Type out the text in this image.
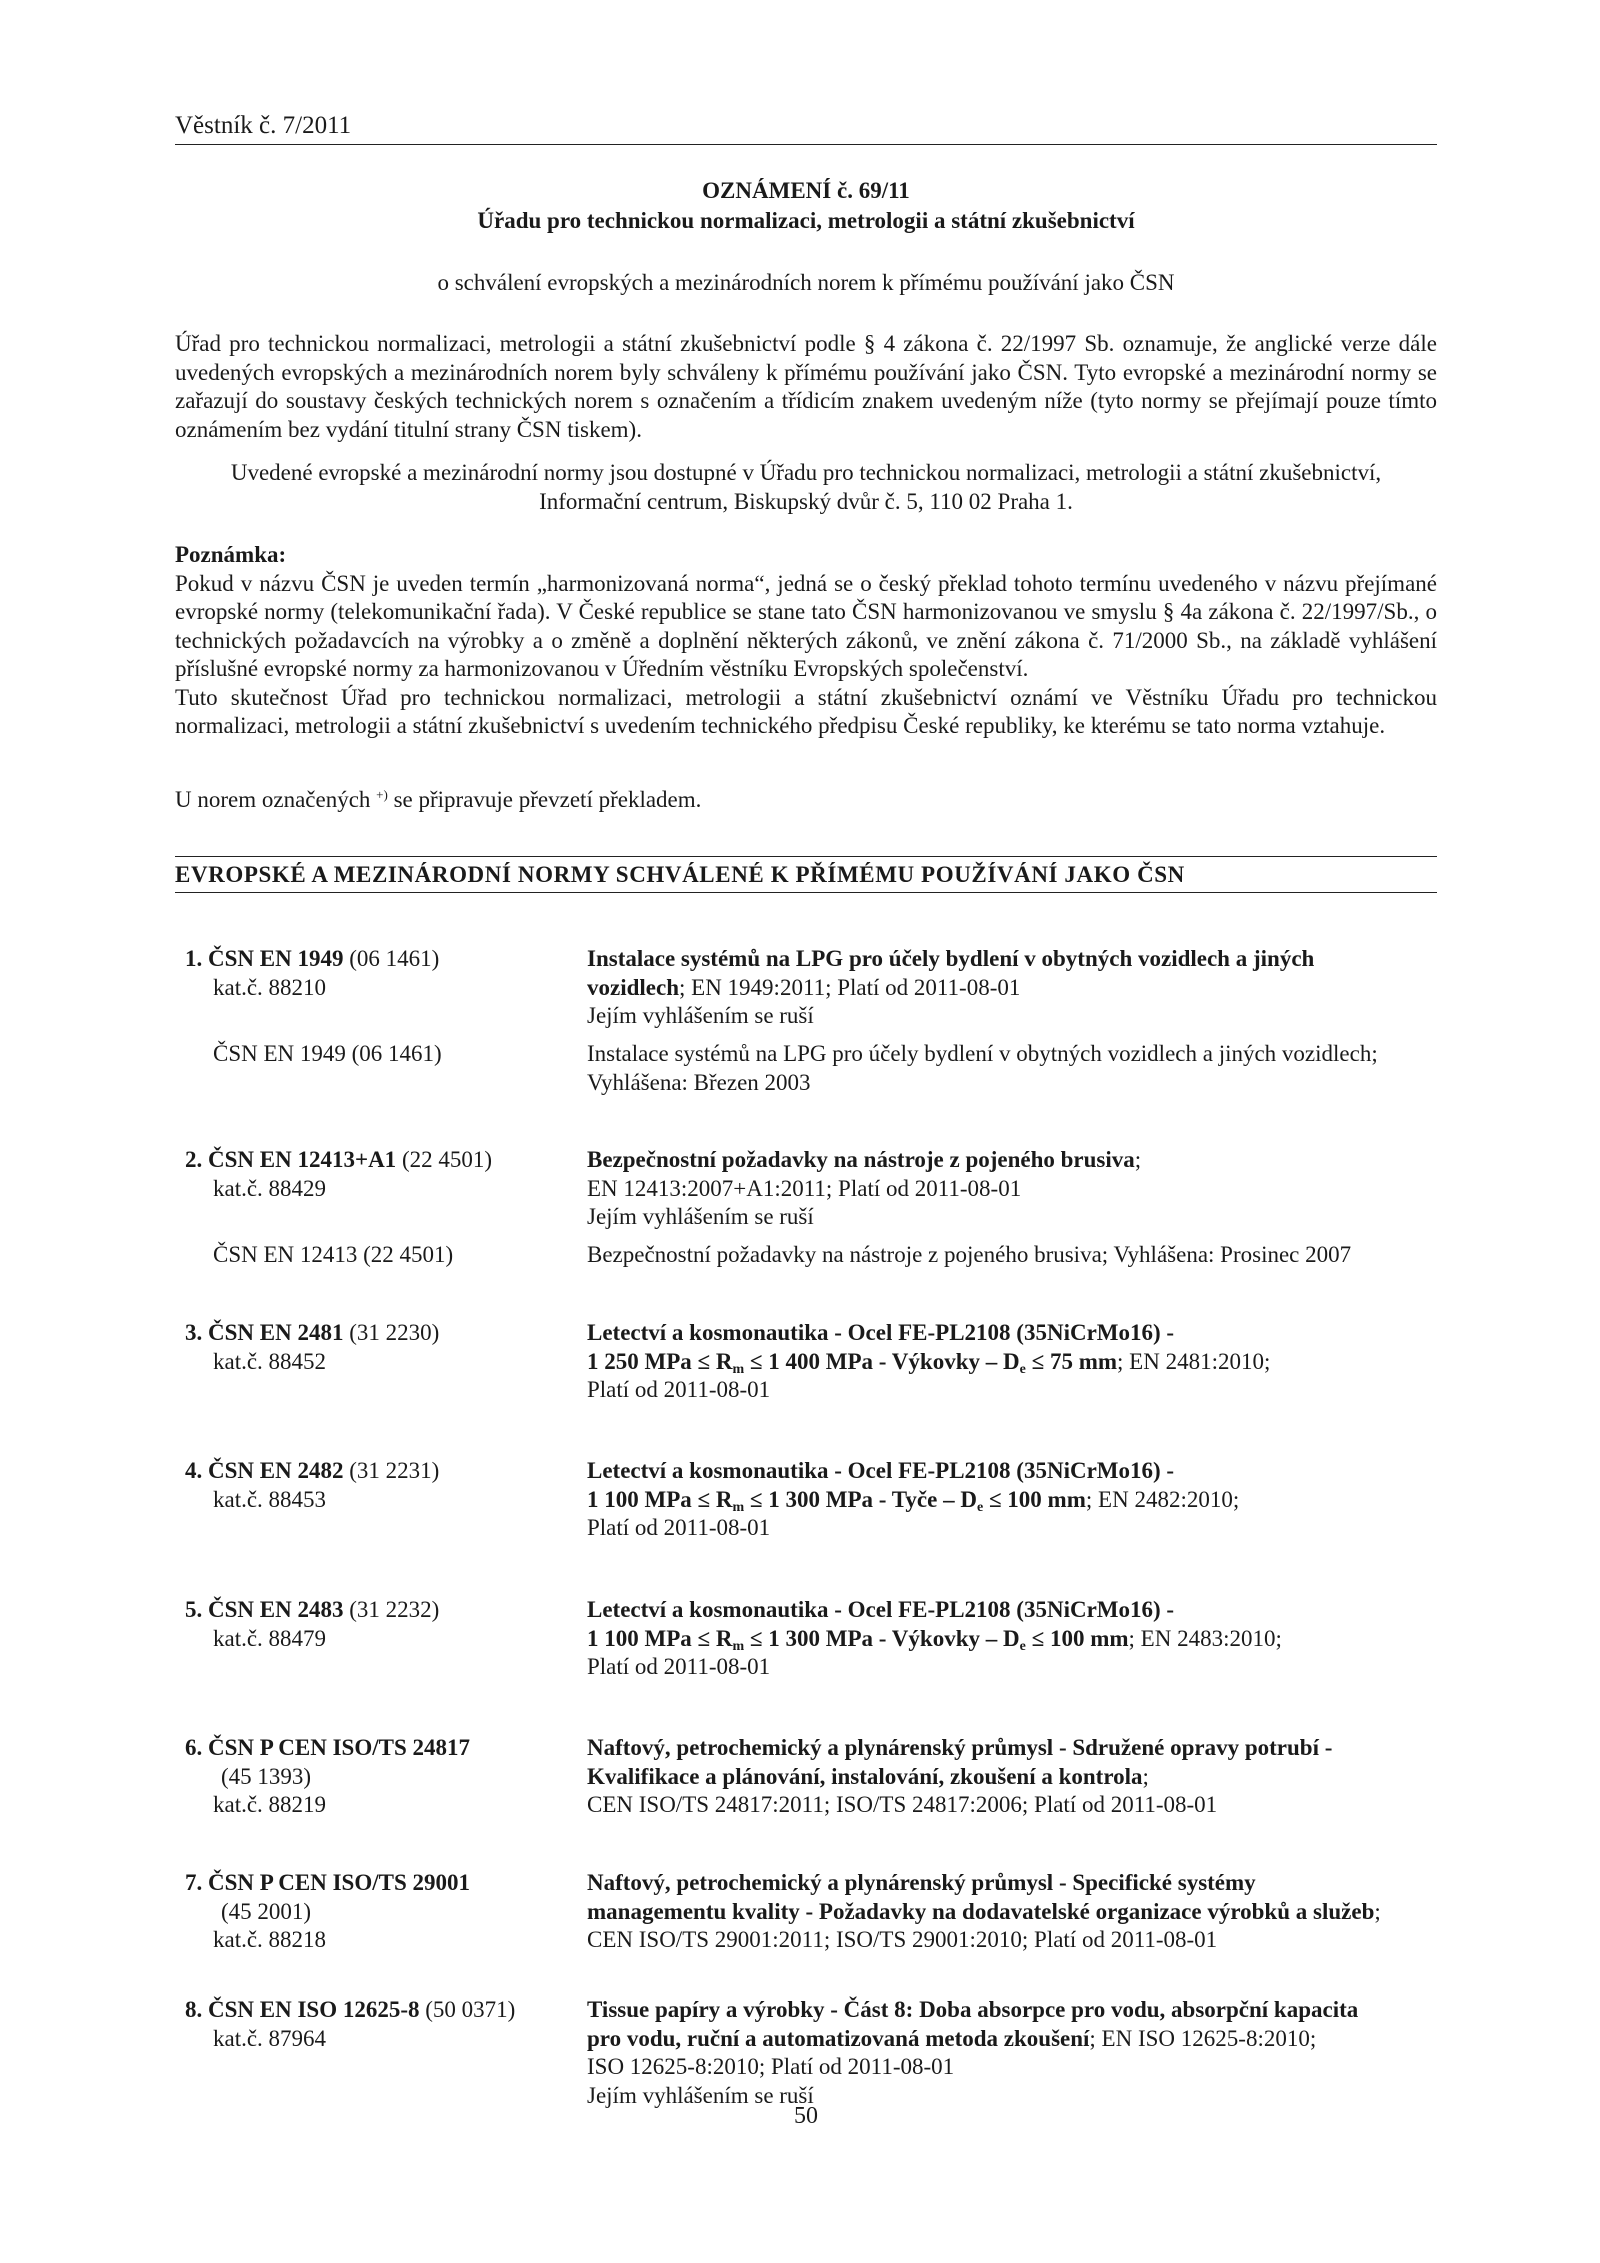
Věstník č. 7/2011
OZNÁMENÍ č. 69/11
Úřadu pro technickou normalizaci, metrologii a státní zkušebnictví
o schválení evropských a mezinárodních norem k přímému používání jako ČSN
Úřad pro technickou normalizaci, metrologii a státní zkušebnictví podle § 4 zákona č. 22/1997 Sb. oznamuje, že anglické verze dále uvedených evropských a mezinárodních norem byly schváleny k přímému používání jako ČSN. Tyto evropské a mezinárodní normy se zařazují do soustavy českých technických norem s označením a třídicím znakem uvedeným níže (tyto normy se přejímají pouze tímto oznámením bez vydání titulní strany ČSN tiskem).
Uvedené evropské a mezinárodní normy jsou dostupné v Úřadu pro technickou normalizaci, metrologii a státní zkušebnictví,
Informační centrum, Biskupský dvůr č. 5, 110 02 Praha 1.
Poznámka:
Pokud v názvu ČSN je uveden termín „harmonizovaná norma“, jedná se o český překlad tohoto termínu uvedeného v názvu přejímané evropské normy (telekomunikační řada). V České republice se stane tato ČSN harmonizovanou ve smyslu § 4a zákona č. 22/1997/Sb., o technických požadavcích na výrobky a o změně a doplnění některých zákonů, ve znění zákona č. 71/2000 Sb., na základě vyhlášení příslušné evropské normy za harmonizovanou v Úředním věstníku Evropských společenství.
Tuto skutečnost Úřad pro technickou normalizaci, metrologii a státní zkušebnictví oznámí ve Věstníku Úřadu pro technickou normalizaci, metrologii a státní zkušebnictví s uvedením technického předpisu České republiky, ke kterému se tato norma vztahuje.
U norem označených +) se připravuje převzetí překladem.
EVROPSKÉ A MEZINÁRODNÍ NORMY SCHVÁLENÉ K PŘÍMÉMU POUŽÍVÁNÍ JAKO ČSN
1. ČSN EN 1949 (06 1461)
kat.č. 88210
Instalace systémů na LPG pro účely bydlení v obytných vozidlech a jiných
vozidlech; EN 1949:2011; Platí od 2011-08-01
Jejím vyhlášením se ruší
ČSN EN 1949 (06 1461)	Instalace systémů na LPG pro účely bydlení v obytných vozidlech a jiných vozidlech;
Vyhlášena: Březen 2003
2. ČSN EN 12413+A1 (22 4501)
kat.č. 88429
Bezpečnostní požadavky na nástroje z pojeného brusiva;
EN 12413:2007+A1:2011; Platí od 2011-08-01
Jejím vyhlášením se ruší
ČSN EN 12413 (22 4501)	Bezpečnostní požadavky na nástroje z pojeného brusiva; Vyhlášena: Prosinec 2007
3. ČSN EN 2481 (31 2230)
kat.č. 88452
Letectví a kosmonautika - Ocel FE-PL2108 (35NiCrMo16) -
1 250 MPa ≤ $R_m \le 1$ 400 MPa - Výkovky – $D_e \le 75$ mm; EN 2481:2010;
Platí od 2011-08-01
4. ČSN EN 2482 (31 2231)
kat.č. 88453
Letectví a kosmonautika - Ocel FE-PL2108 (35NiCrMo16) -
1 100 MPa ≤ $R_m \le 1$ 300 MPa - Tyče – $D_e \le 100$ mm; EN 2482:2010;
Platí od 2011-08-01
5. ČSN EN 2483 (31 2232)
kat.č. 88479
Letectví a kosmonautika - Ocel FE-PL2108 (35NiCrMo16) -
1 100 MPa ≤ $R_m \le 1$ 300 MPa - Výkovky – $D_e \le 100$ mm; EN 2483:2010;
Platí od 2011-08-01
6. ČSN P CEN ISO/TS 24817
(45 1393)
kat.č. 88219
Naftový, petrochemický a plynárenský průmysl - Sdružené opravy potrubí -
Kvalifikace a plánování, instalování, zkoušení a kontrola;
CEN ISO/TS 24817:2011; ISO/TS 24817:2006; Platí od 2011-08-01
7. ČSN P CEN ISO/TS 29001
(45 2001)
kat.č. 88218
Naftový, petrochemický a plynárenský průmysl - Specifické systémy
managementu kvality - Požadavky na dodavatelské organizace výrobků a služeb;
CEN ISO/TS 29001:2011; ISO/TS 29001:2010; Platí od 2011-08-01
8. ČSN EN ISO 12625-8 (50 0371)
kat.č. 87964
Tissue papíry a výrobky - Část 8: Doba absorpce pro vodu, absorpční kapacita
pro vodu, ruční a automatizovaná metoda zkoušení; EN ISO 12625-8:2010;
ISO 12625-8:2010; Platí od 2011-08-01
Jejím vyhlášením se ruší
50
